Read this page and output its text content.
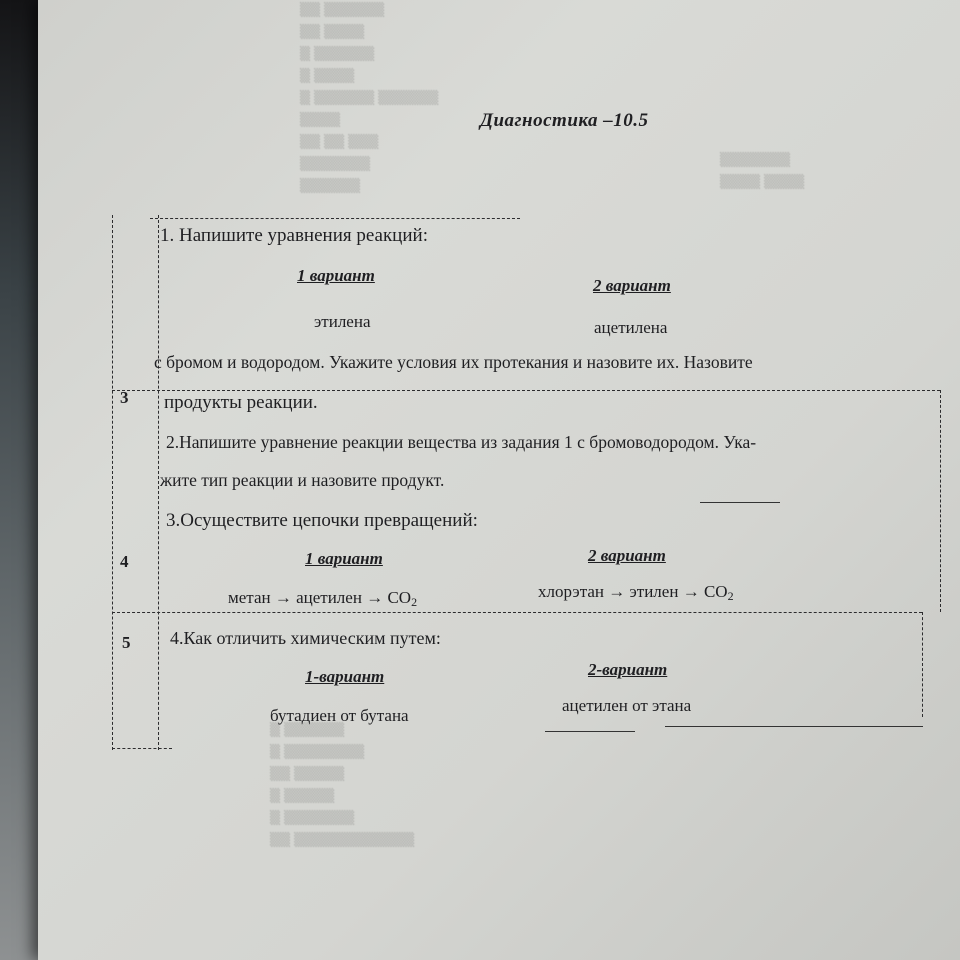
▒▒ ▒▒▒▒▒▒
▒▒ ▒▒▒▒
▒ ▒▒▒▒▒▒
▒ ▒▒▒▒
▒ ▒▒▒▒▒▒ ▒▒▒▒▒▒
▒▒▒▒
▒▒ ▒▒ ▒▒▒
▒▒▒▒▒▒▒
▒▒▒▒▒▒
▒ ▒▒▒▒▒▒
▒ ▒▒▒▒▒▒▒▒
▒▒ ▒▒▒▒▒
▒ ▒▒▒▒▒
▒ ▒▒▒▒▒▒▒
▒▒ ▒▒▒▒▒▒▒▒▒▒▒▒
▒▒▒▒▒▒▒
▒▒▒▒ ▒▒▒▒
3
4
5
Диагностика –10.5
1. Напишите уравнения реакций:
1 вариант
2 вариант
этилена	ацетилена
с бромом и водородом. Укажите условия их протекания и назовите их. Назовите
продукты реакции.
2.Напишите уравнение реакции вещества из задания 1 с бромоводородом. Ука-
жите тип реакции и назовите продукт.
3.Осуществите цепочки превращений:
1 вариант	2 вариант
метан → ацетилен → $CO_2$
хлорэтан → этилен → $CO_2$
4.Как отличить химическим путем:
1-вариант	2-вариант
бутадиен от бутана
ацетилен от этана
